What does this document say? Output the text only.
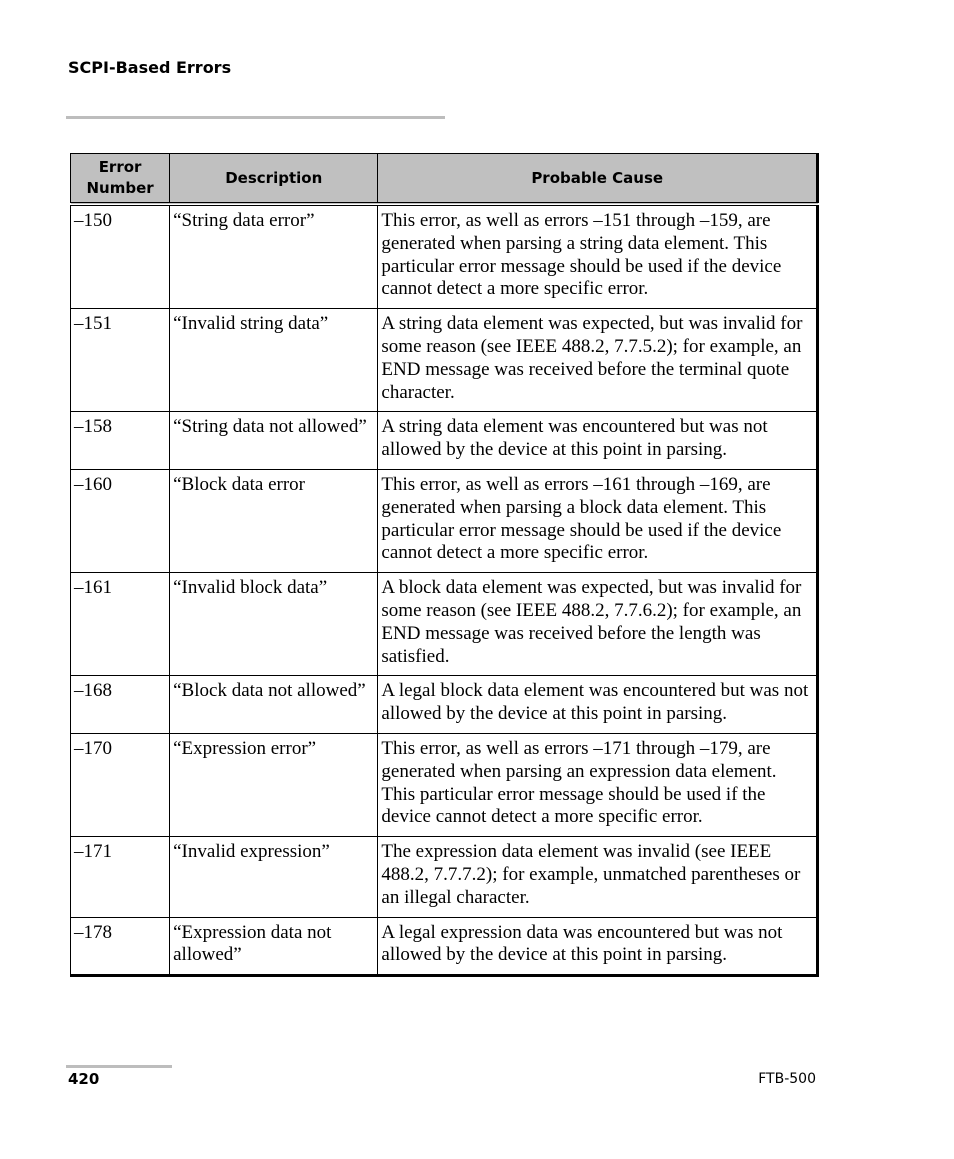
SCPI-Based Errors
Error
Number	Description	Probable Cause
–150	“String data error”	This error, as well as errors –151 through –159, are generated when parsing a string data element. This particular error message should be used if the device cannot detect a more specific error.
–151	“Invalid string data”	A string data element was expected, but was invalid for some reason (see IEEE 488.2, 7.7.5.2); for example, an END message was received before the terminal quote character.
–158	“String data not allowed”	A string data element was encountered but was not allowed by the device at this point in parsing.
–160	“Block data error	This error, as well as errors –161 through –169, are generated when parsing a block data element. This particular error message should be used if the device cannot detect a more specific error.
–161	“Invalid block data”	A block data element was expected, but was invalid for some reason (see IEEE 488.2, 7.7.6.2); for example, an END message was received before the length was satisfied.
–168	“Block data not allowed”	A legal block data element was encountered but was not allowed by the device at this point in parsing.
–170	“Expression error”	This error, as well as errors –171 through –179, are generated when parsing an expression data element. This particular error message should be used if the device cannot detect a more specific error.
–171	“Invalid expression”	The expression data element was invalid (see IEEE 488.2, 7.7.7.2); for example, unmatched parentheses or an illegal character.
–178	“Expression data not allowed”	A legal expression data was encountered but was not allowed by the device at this point in parsing.
420	FTB-500
